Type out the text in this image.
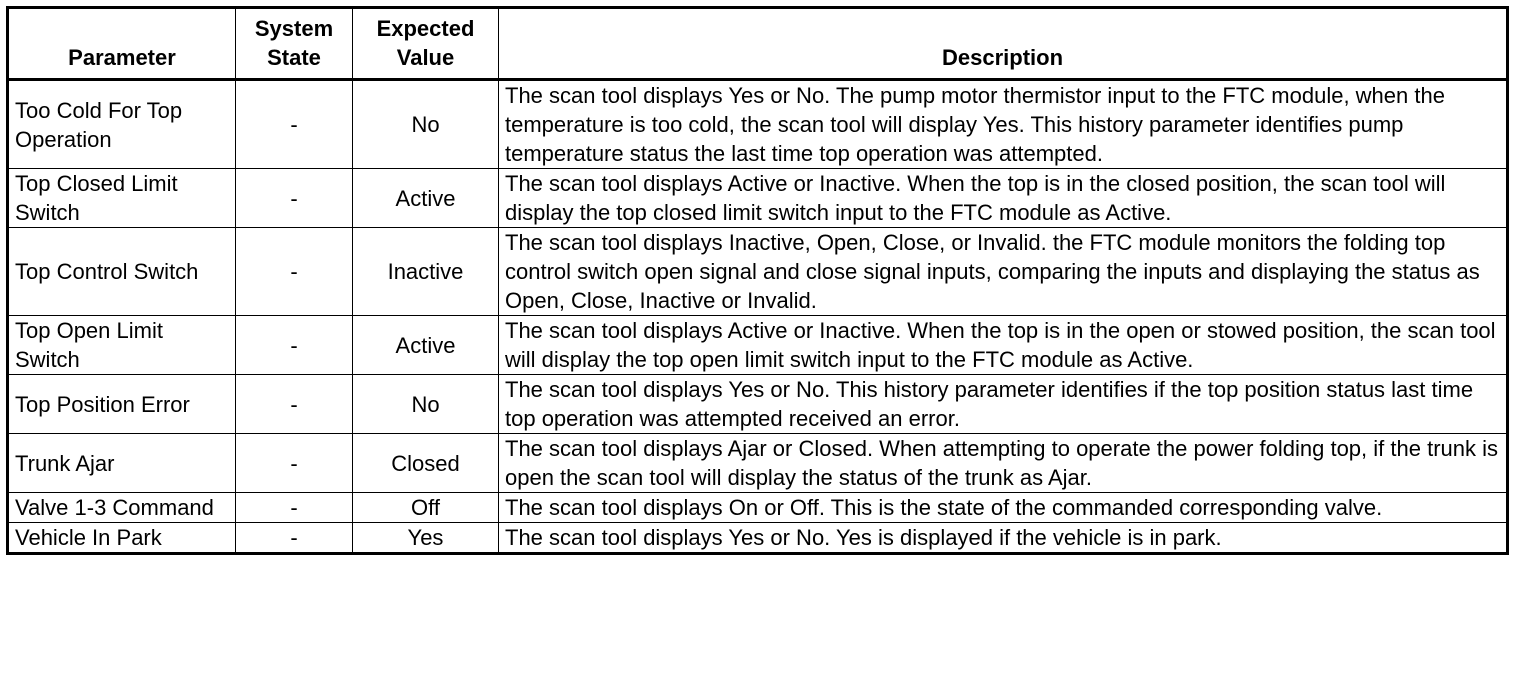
Parameter	System State	Expected Value	Description
Too Cold For Top Operation	-	No	The scan tool displays Yes or No. The pump motor thermistor input to the FTC module, when the temperature is too cold, the scan tool will display Yes. This history parameter identifies pump temperature status the last time top operation was attempted.
Top Closed Limit Switch	-	Active	The scan tool displays Active or Inactive. When the top is in the closed position, the scan tool will display the top closed limit switch input to the FTC module as Active.
Top Control Switch	-	Inactive	The scan tool displays Inactive, Open, Close, or Invalid. the FTC module monitors the folding top control switch open signal and close signal inputs, comparing the inputs and displaying the status as Open, Close, Inactive or Invalid.
Top Open Limit Switch	-	Active	The scan tool displays Active or Inactive. When the top is in the open or stowed position, the scan tool will display the top open limit switch input to the FTC module as Active.
Top Position Error	-	No	The scan tool displays Yes or No. This history parameter identifies if the top position status last time top operation was attempted received an error.
Trunk Ajar	-	Closed	The scan tool displays Ajar or Closed. When attempting to operate the power folding top, if the trunk is open the scan tool will display the status of the trunk as Ajar.
Valve 1-3 Command	-	Off	The scan tool displays On or Off. This is the state of the commanded corresponding valve.
Vehicle In Park	-	Yes	The scan tool displays Yes or No. Yes is displayed if the vehicle is in park.
